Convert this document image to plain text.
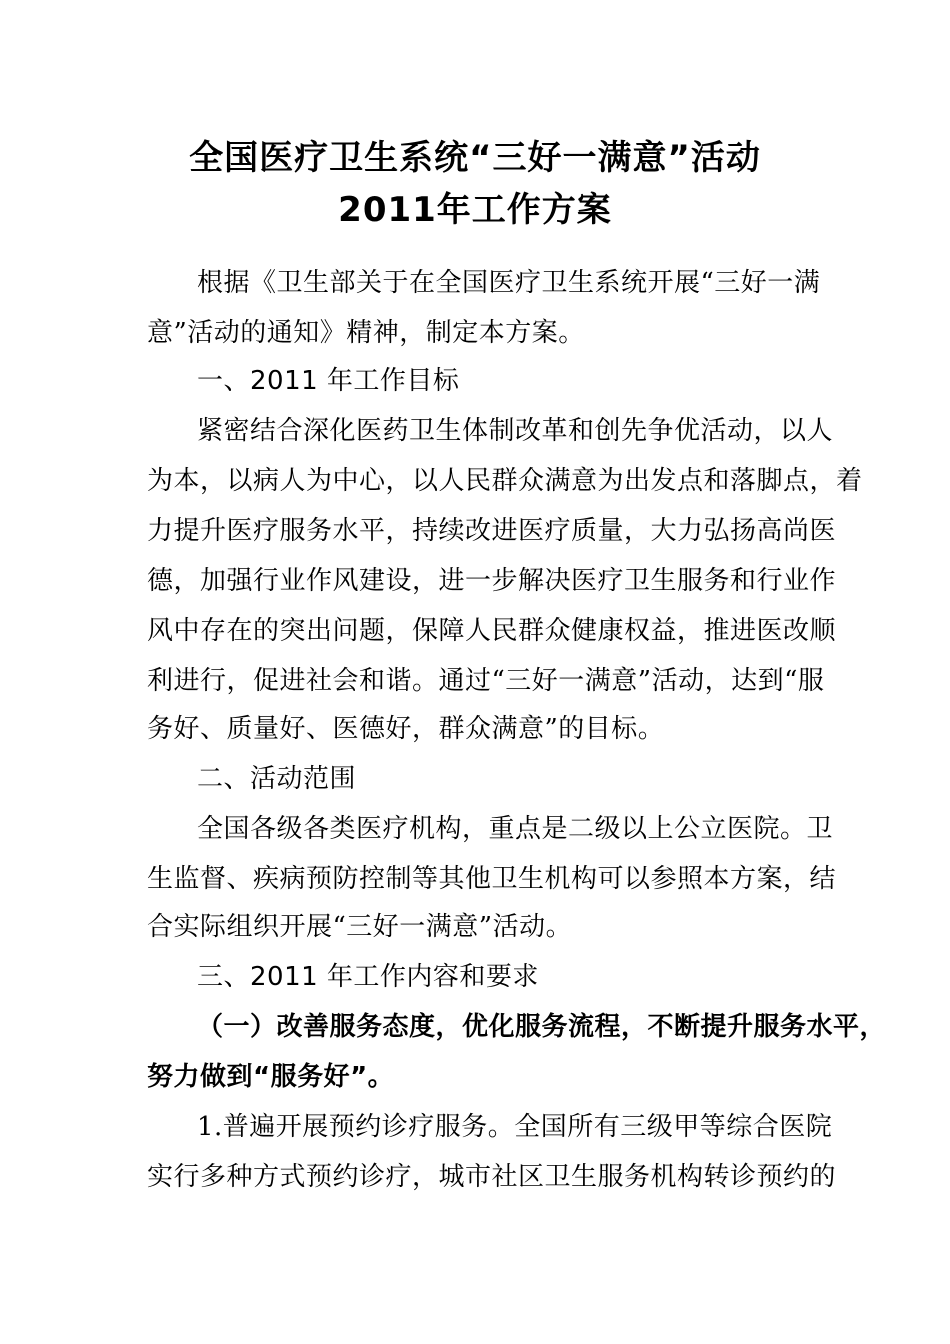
全国医疗卫生系统“三好一满意”活动
2011年工作方案
根据《卫生部关于在全国医疗卫生系统开展“三好一满
意”活动的通知》精神，制定本方案。
一、2011 年工作目标
紧密结合深化医药卫生体制改革和创先争优活动，以人
为本，以病人为中心，以人民群众满意为出发点和落脚点，着
力提升医疗服务水平，持续改进医疗质量，大力弘扬高尚医
德，加强行业作风建设，进一步解决医疗卫生服务和行业作
风中存在的突出问题，保障人民群众健康权益，推进医改顺
利进行，促进社会和谐。通过“三好一满意”活动，达到“服
务好、质量好、医德好，群众满意”的目标。
二、活动范围
全国各级各类医疗机构，重点是二级以上公立医院。卫
生监督、疾病预防控制等其他卫生机构可以参照本方案，结
合实际组织开展“三好一满意”活动。
三、2011 年工作内容和要求
（一）改善服务态度，优化服务流程，不断提升服务水平，
努力做到“服务好”。
1.普遍开展预约诊疗服务。全国所有三级甲等综合医院
实行多种方式预约诊疗，城市社区卫生服务机构转诊预约的
